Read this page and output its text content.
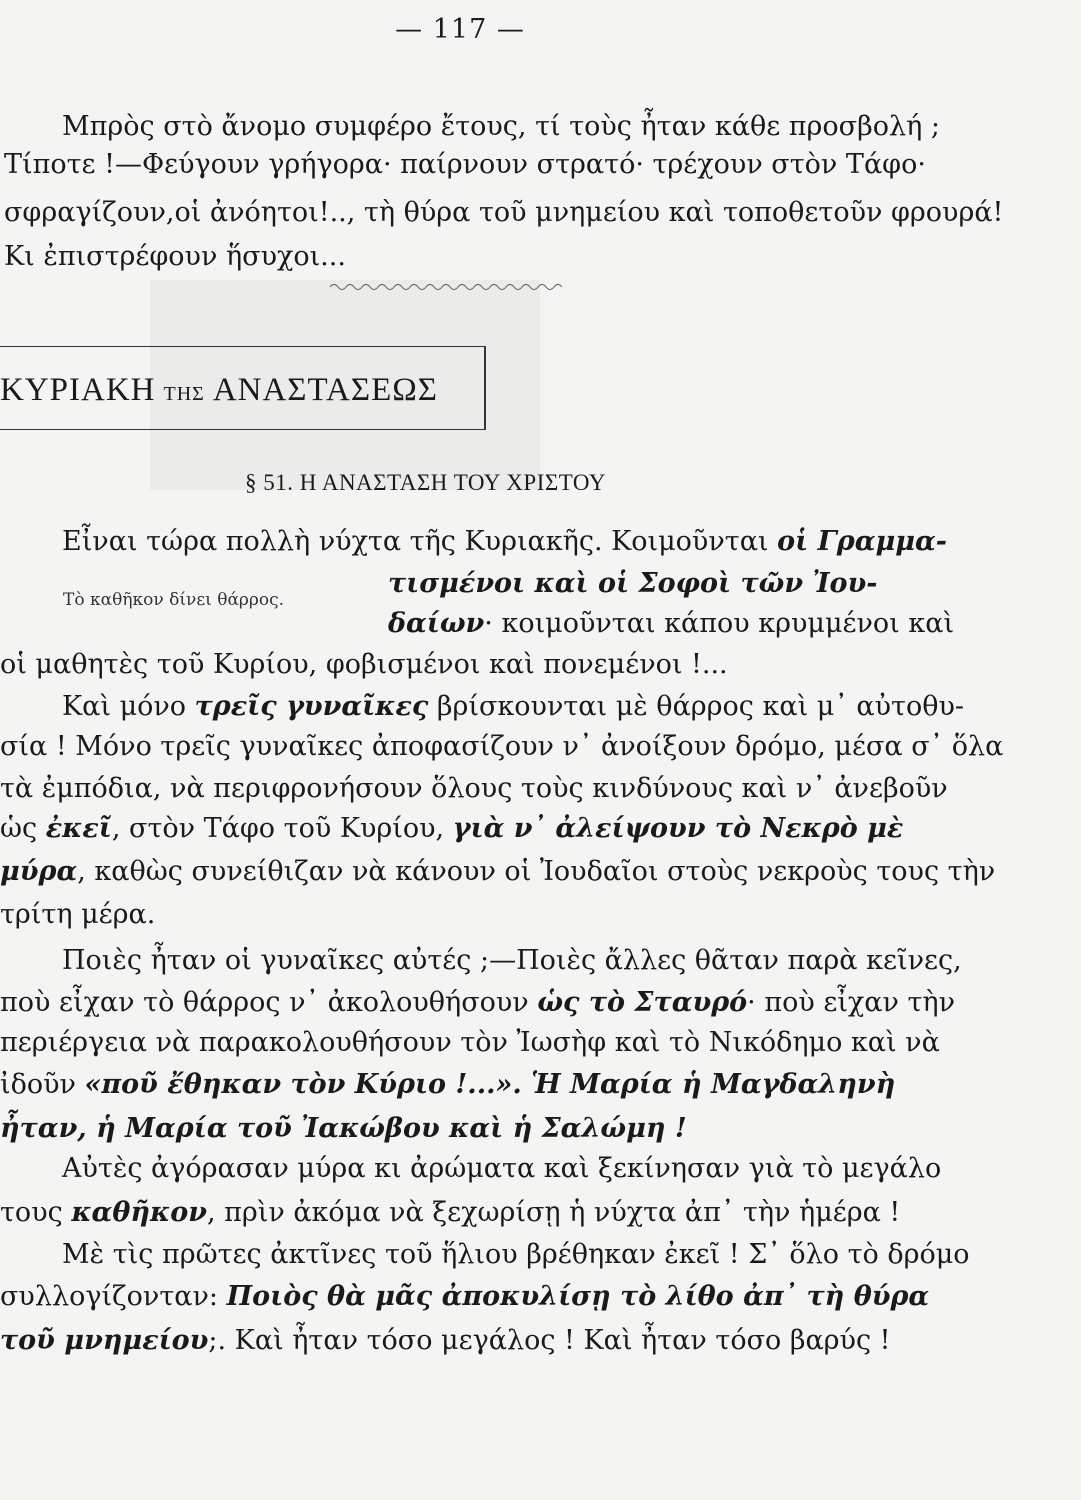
— 117 —
Μπρὸς στὸ ἄνομο συμφέρο ἔτους, τί τοὺς ἦταν κάθε προσβολή ;
Τίποτε !—Φεύγουν γρήγορα· παίρνουν στρατό· τρέχουν στὸν Τάφο·
σφραγίζουν,οἱ ἀνόητοι!.., τὴ θύρα τοῦ μνημείου καὶ τοποθετοῦν φρουρά!
Κι ἐπιστρέφουν ἥσυχοι...
ΚΥΡΙΑΚΗ ΤΗΣ ΑΝΑΣΤΑΣΕΩΣ
§ 51. Η ΑΝΑΣΤΑΣΗ ΤΟΥ ΧΡΙΣΤΟΥ
Εἶναι τώρα πολλὴ νύχτα τῆς Κυριακῆς. Κοιμοῦνται οἱ Γραμμα-
τισμένοι καὶ οἱ Σοφοὶ τῶν Ἰου-
Τὸ καθῆκον δίνει θάρρος.
δαίων· κοιμοῦνται κάπου κρυμμένοι καὶ
οἱ μαθητὲς τοῦ Κυρίου, φοβισμένοι καὶ πονεμένοι !...
Καὶ μόνο τρεῖς γυναῖκες βρίσκουνται μὲ θάρρος καὶ μ᾿ αὐτοθυ-
σία ! Μόνο τρεῖς γυναῖκες ἀποφασίζουν ν᾿ ἀνοίξουν δρόμο, μέσα σ᾿ ὅλα
τὰ ἐμπόδια, νὰ περιφρονήσουν ὅλους τοὺς κινδύνους καὶ ν᾿ ἀνεβοῦν
ὡς ἐκεῖ, στὸν Τάφο τοῦ Κυρίου, γιὰ ν᾿ ἀλείψουν τὸ Νεκρὸ μὲ
μύρα, καθὼς συνείθιζαν νὰ κάνουν οἱ Ἰουδαῖοι στοὺς νεκροὺς τους τὴν
τρίτη μέρα.
Ποιὲς ἦταν οἱ γυναῖκες αὐτές ;—Ποιὲς ἄλλες θᾶταν παρὰ κεῖνες,
ποὺ εἶχαν τὸ θάρρος ν᾿ ἀκολουθήσουν ὡς τὸ Σταυρό· ποὺ εἶχαν τὴν
περιέργεια νὰ παρακολουθήσουν τὸν Ἰωσὴφ καὶ τὸ Νικόδημο καὶ νὰ
ἰδοῦν «ποῦ ἔθηκαν τὸν Κύριο !...». Ἡ Μαρία ἡ Μαγδαληνὴ
ἦταν, ἡ Μαρία τοῦ Ἰακώβου καὶ ἡ Σαλώμη !
Αὐτὲς ἀγόρασαν μύρα κι ἀρώματα καὶ ξεκίνησαν γιὰ τὸ μεγάλο
τους καθῆκον, πρὶν ἀκόμα νὰ ξεχωρίσῃ ἡ νύχτα ἀπ᾿ τὴν ἡμέρα !
Μὲ τὶς πρῶτες ἀκτῖνες τοῦ ἥλιου βρέθηκαν ἐκεῖ ! Σ᾿ ὅλο τὸ δρόμο
συλλογίζονταν: Ποιὸς θὰ μᾶς ἀποκυλίσῃ τὸ λίθο ἀπ᾿ τὴ θύρα
τοῦ μνημείου;. Καὶ ἦταν τόσο μεγάλος ! Καὶ ἦταν τόσο βαρύς !
